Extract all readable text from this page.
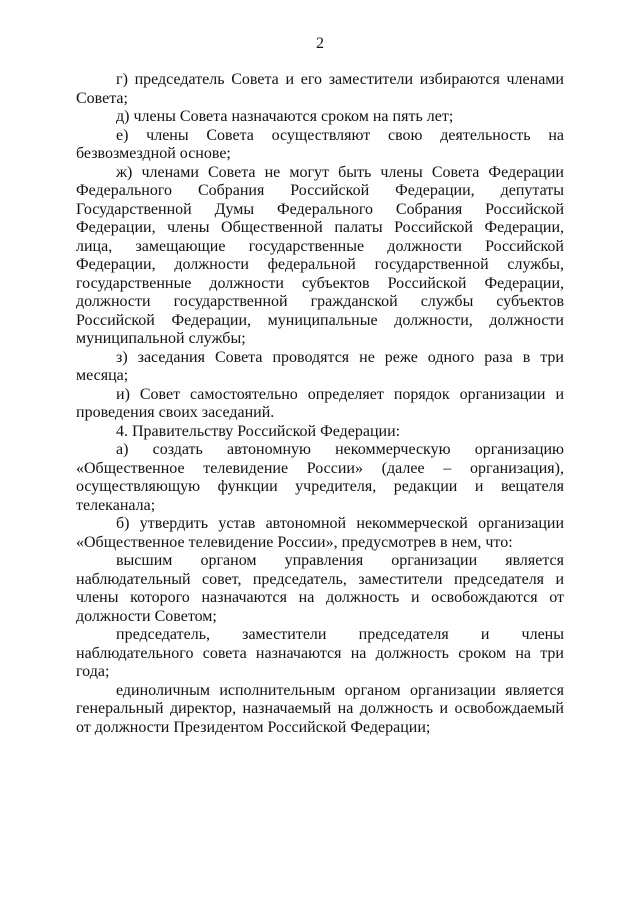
2

г) председатель Совета и его заместители избираются членами Совета;

д) члены Совета назначаются сроком на пять лет;

е) члены Совета осуществляют свою деятельность на безвозмездной основе;

ж) членами Совета не могут быть члены Совета Федерации Федерального Собрания Российской Федерации, депутаты Государственной Думы Федерального Собрания Российской Федерации, члены Общественной палаты Российской Федерации, лица, замещающие государственные должности Российской Федерации, должности федеральной государственной службы, государственные должности субъектов Российской Федерации, должности государственной гражданской службы субъектов Российской Федерации, муниципальные должности, должности муниципальной службы;

з) заседания Совета проводятся не реже одного раза в три месяца;

и) Совет самостоятельно определяет порядок организации и проведения своих заседаний.

4. Правительству Российской Федерации:

а) создать автономную некоммерческую организацию «Общественное телевидение России» (далее – организация), осуществляющую функции учредителя, редакции и вещателя телеканала;

б) утвердить устав автономной некоммерческой организации «Общественное телевидение России», предусмотрев в нем, что:

высшим органом управления организации является наблюдательный совет, председатель, заместители председателя и члены которого назначаются на должность и освобождаются от должности Советом;

председатель, заместители председателя и члены наблюдательного совета назначаются на должность сроком на три года;

единоличным исполнительным органом организации является генеральный директор, назначаемый на должность и освобождаемый от должности Президентом Российской Федерации;
